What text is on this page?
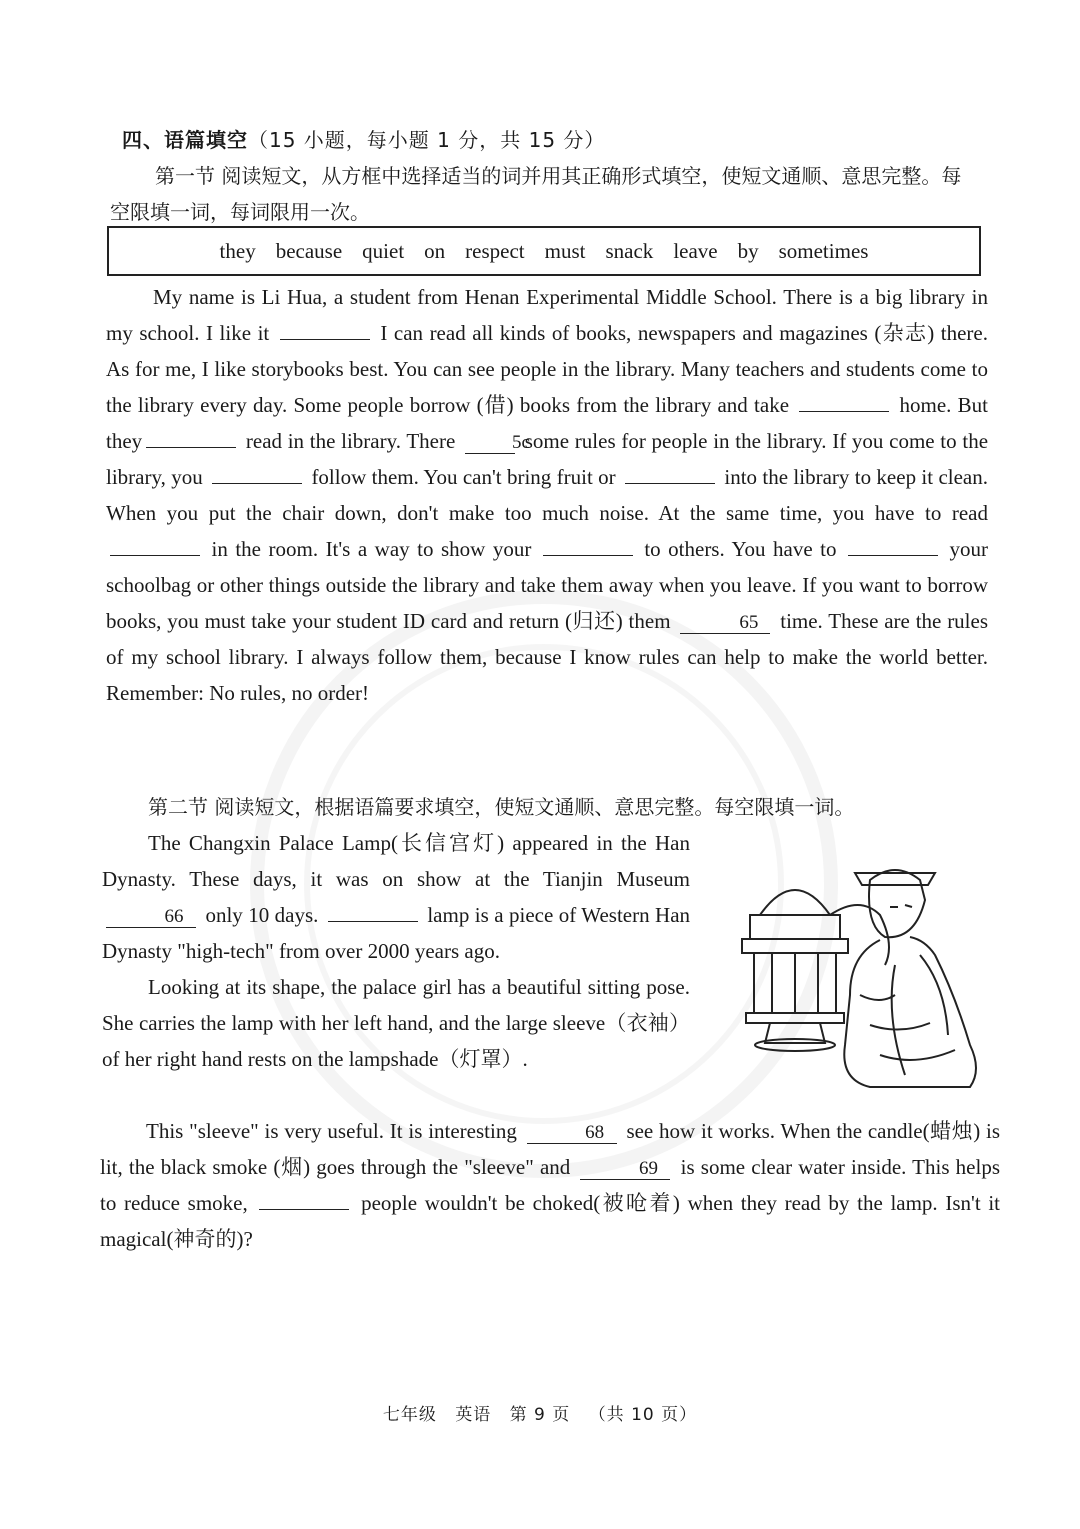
四、语篇填空（15 小题，每小题 1 分，共 15 分）
第一节 阅读短文，从方框中选择适当的词并用其正确形式填空，使短文通顺、意思完整。每空限填一词，每词限用一次。
they because quiet on respect must snack leave by sometimes
My name is Li Hua, a student from Henan Experimental Middle School. There is a big library in my school. I like it	I can read all kinds of books, newspapers and magazines (杂志) there. As for me, I like storybooks best. You can see people in the library. Many teachers and students come to the library every day. Some people borrow (借) books from the library and take	home. But they	read in the library. There	5c some rules for people in the library. If you come to the library, you	follow them. You can't bring fruit or	into the library to keep it clean. When you put the chair down, don't make too much noise. At the same time, you have to read  in the room. It's a way to show your	to others. You have to	your schoolbag or other things outside the library and take them away when you leave. If you want to borrow books, you must take your student ID card and return (归还) them	65 time. These are the rules of my school library. I always follow them, because I know rules can help to make the world better. Remember: No rules, no order!
第二节 阅读短文，根据语篇要求填空，使短文通顺、意思完整。每空限填一词。
The Changxin Palace Lamp(长信宫灯) appeared in the Han Dynasty. These days, it was on show at the Tianjin Museum 66 only 10 days.	lamp is a piece of Western Han Dynasty "high-tech" from over 2000 years ago.
Looking at its shape, the palace girl has a beautiful sitting pose. She carries the lamp with her left hand, and the large sleeve（衣袖） of her right hand rests on the lampshade（灯罩）.
This "sleeve" is very useful. It is interesting	68 see how it works. When the candle(蜡烛) is lit, the black smoke (烟) goes through the "sleeve" and	69 is some clear water inside. This helps to reduce smoke,	people wouldn't be choked(被呛着) when they read by the lamp. Isn't it magical(神奇的)?
七年级 英语 第 9 页 （共 10 页）
